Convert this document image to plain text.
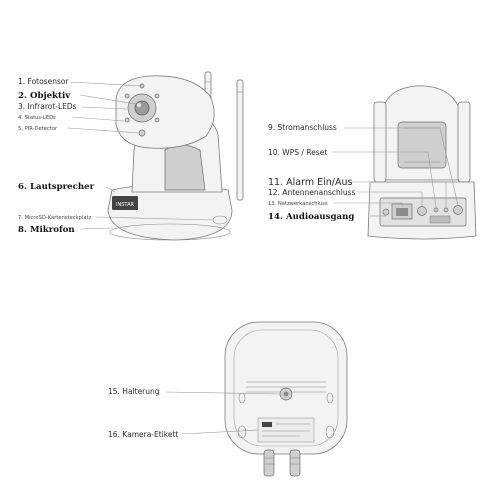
INSTAR
1. Fotosensor
2. Objektiv
3. Infrarot-LEDs
4. Status-LEDs
5. PIR-Detector
6. Lautsprecher
7. MicroSD-Kartensteckplatz
8. Mikrofon
9. Stromanschluss
10. WPS / Reset
11. Alarm Ein/Aus
12. Antennenanschluss
13. Netzwerkanschluss
14. Audioausgang
15. Halterung
16. Kamera-Etikett
